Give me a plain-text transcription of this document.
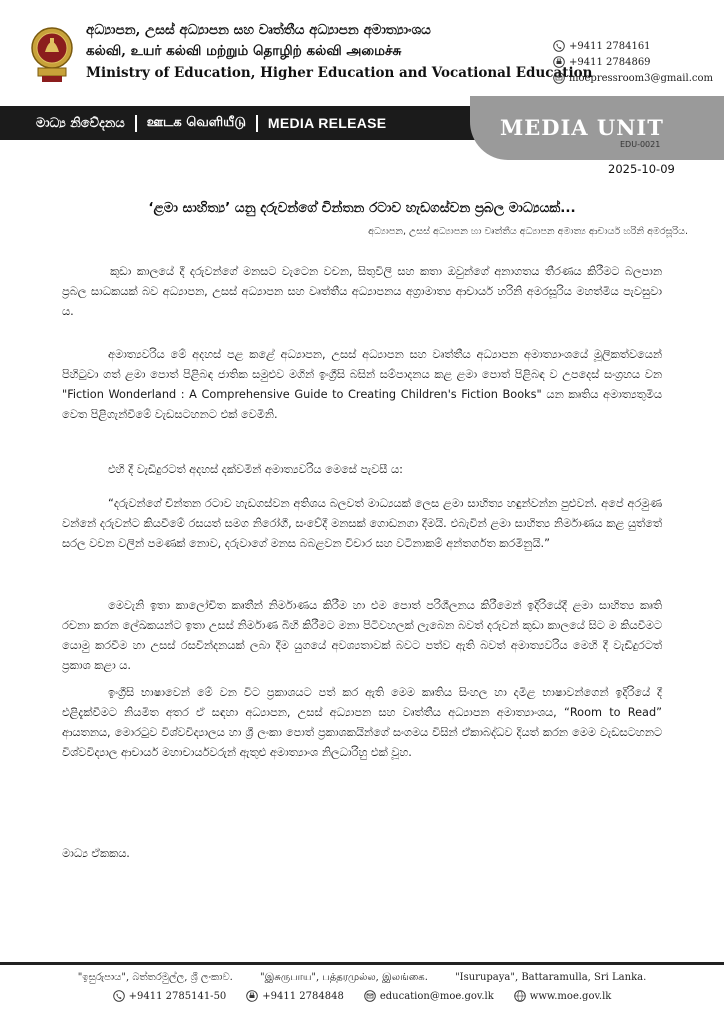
අධ්‍යාපන, උසස් අධ්‍යාපන සහ වෘත්තීය අධ්‍යාපන අමාත්‍යාංශය
கல்வி, உயர் கல்வி மற்றும் தொழிற் கல்வி அமைச்சு
Ministry of Education, Higher Education and Vocational Education
+9411 2784161
+9411 2784869
moepressroom3@gmail.com
මාධ්‍ය නිවේදනය ஊடக வெளியீடு MEDIA RELEASE	MEDIA UNIT
EDU-0021
2025-10-09
‘ළමා සාහිත්‍ය’ යනු දරුවන්ගේ චින්තන රටාව හැඩගස්වන ප්‍රබල මාධ්‍යයක්...
අධ්‍යාපන, උසස් අධ්‍යාපන හා වෘත්තීය අධ්‍යාපන අමාත්‍ය ආචාර්ය හරිනි අමරසූරිය.
කුඩා කාලයේ දී දරුවන්ගේ මනසට වැටෙන වචන, සිතුවිලි සහ කතා ඔවුන්ගේ අනාගතය තීරණය කිරීමට බලපාන ප්‍රබල සාධකයක් බව අධ්‍යාපන, උසස් අධ්‍යාපන සහ වෘත්තීය අධ්‍යාපනය අග්‍රාමාත්‍ය ආචාර්ය හරිනි අමරසූරිය මහත්මිය පැවසුවා ය.
අමාත්‍යවරිය මේ අදහස් පළ කළේ අධ්‍යාපන, උසස් අධ්‍යාපන සහ වෘත්තීය අධ්‍යාපන අමාත්‍යාංශයේ මූලිකත්වයෙන් පිහිටුවා ගත් ළමා පොත් පිළිබඳ ජාතික සමුළුව මගින් ඉංග්‍රීසි බසින් සම්පාදනය කළ ළමා පොත් පිළිබඳ ව උපදෙස් සංග්‍රහය වන "Fiction Wonderland : A Comprehensive Guide to Creating Children's Fiction Books" යන කෘතිය අමාත්‍යතුමිය වෙත පිළිගැන්වීමේ වැඩසටහනට එක් වෙමිනි.
එහි දී වැඩිදුරටත් අදහස් දක්වමින් අමාත්‍යවරිය මෙසේ පැවසී ය:
“දරුවන්ගේ චින්තන රටාව හැඩගස්වන අතිශය බලවත් මාධ්‍යයක් ලෙස ළමා සාහිත්‍ය හඳුන්වන්න පුළුවන්. අපේ අරමුණ වන්නේ දරුවන්ට කියවීමේ රසයත් සමග නිරෝගී, සංවේදී මනසක් ගොඩනගා දීමයි. එබැවින් ළමා සාහිත්‍ය නිර්මාණය කළ යුත්තේ සරල වචන වලින් පමණක් නොව, දරුවාගේ මනස බබළවන විචාර සහ වටිනාකම් අන්තර්ගත කරමිනුයි.”
මෙවැනි ඉතා කාලෝචිත කෘතීන් නිර්මාණය කිරීම හා එම පොත් පරිශීලනය කිරීමෙන් ඉදිරියේදී ළමා සාහිත්‍ය කෘති රචනා කරන ලේඛකයන්ට ඉතා උසස් නිර්මාණ බිහි කිරීමට මනා පිටිවහලක් ලැබෙන බවත් දරුවන් කුඩා කාලයේ සිට ම කියවීමට යොමු කරවීම හා උසස් රසවින්දනයක් ලබා දීම යුගයේ අවශ්‍යතාවක් බවට පත්ව ඇති බවත් අමාත්‍යවරිය මෙහි දී වැඩිදුරටත් ප්‍රකාශ කළා ය.
ඉංග්‍රීසි භාෂාවෙන් මේ වන විට ප්‍රකාශයට පත් කර ඇති මෙම කෘතිය සිංහල හා දමිළ භාෂාවන්ගෙන් ඉදිරියේ දී එළිදැක්වීමට නියමිත අතර ඒ සඳහා අධ්‍යාපන, උසස් අධ්‍යාපන සහ වෘත්තීය අධ්‍යාපන අමාත්‍යාංශය, “Room to Read” ආයතනය, මොරටුව විශ්වවිද්‍යාලය හා ශ්‍රී ලංකා පොත් ප්‍රකාශකයින්ගේ සංගමය විසින් ඒකාබද්ධව දියත් කරන මෙම වැඩසටහනට විශ්වවිද්‍යාල ආචාර්ය මහාචාර්යවරුන් ඇතුළු අමාත්‍යාංශ නිලධාරිහු එක් වූහ.
මාධ්‍ය ඒකකය.
"ඉසුරුපාය", බත්තරමුල්ල, ශ්‍රී ලංකාව.	"இசுருபாய", பத்தரமுல்ல, இலங்கை.	"Isurupaya", Battaramulla, Sri Lanka.
+9411 2785141-50	+9411 2784848	education@moe.gov.lk	www.moe.gov.lk
